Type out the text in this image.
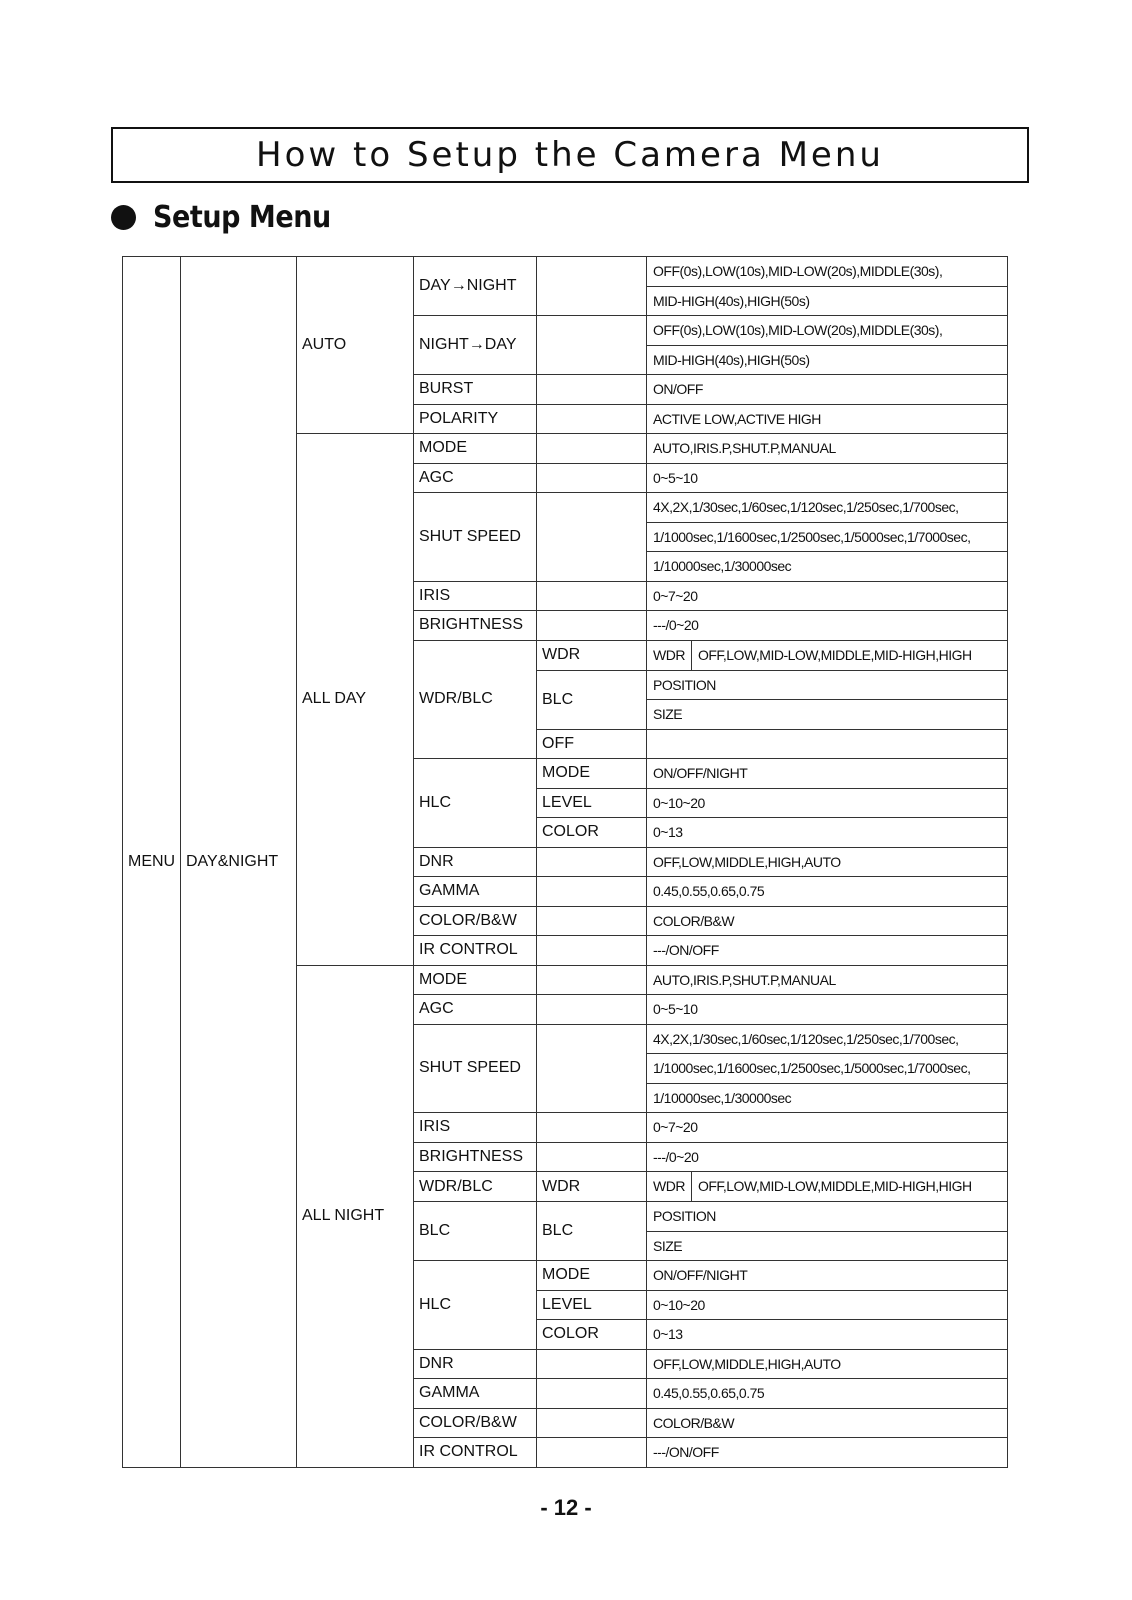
How to Setup the Camera Menu
Setup Menu
MENU	DAY&NIGHT	AUTO	DAY→NIGHT		OFF(0s),LOW(10s),MID-LOW(20s),MIDDLE(30s),
					MID-HIGH(40s),HIGH(50s)
			NIGHT→DAY		OFF(0s),LOW(10s),MID-LOW(20s),MIDDLE(30s),
					MID-HIGH(40s),HIGH(50s)
			BURST		ON/OFF
			POLARITY		ACTIVE LOW,ACTIVE HIGH
		ALL DAY	MODE		AUTO,IRIS.P,SHUT.P,MANUAL
			AGC		0~5~10
			SHUT SPEED		4X,2X,1/30sec,1/60sec,1/120sec,1/250sec,1/700sec,
					1/1000sec,1/1600sec,1/2500sec,1/5000sec,1/7000sec,
					1/10000sec,1/30000sec
			IRIS		0~7~20
			BRIGHTNESS		---/0~20
			WDR/BLC	WDR	WDR OFF,LOW,MID-LOW,MIDDLE,MID-HIGH,HIGH
				BLC	POSITION
					SIZE
				OFF	
			HLC	MODE	ON/OFF/NIGHT
				LEVEL	0~10~20
				COLOR	0~13
			DNR		OFF,LOW,MIDDLE,HIGH,AUTO
			GAMMA		0.45,0.55,0.65,0.75
			COLOR/B&W		COLOR/B&W
			IR CONTROL		---/ON/OFF
		ALL NIGHT	MODE		AUTO,IRIS.P,SHUT.P,MANUAL
			AGC		0~5~10
			SHUT SPEED		4X,2X,1/30sec,1/60sec,1/120sec,1/250sec,1/700sec,
					1/1000sec,1/1600sec,1/2500sec,1/5000sec,1/7000sec,
					1/10000sec,1/30000sec
			IRIS		0~7~20
			BRIGHTNESS		---/0~20
			WDR/BLC	WDR	WDR OFF,LOW,MID-LOW,MIDDLE,MID-HIGH,HIGH
			BLC	BLC	POSITION
					SIZE
			HLC	MODE	ON/OFF/NIGHT
				LEVEL	0~10~20
				COLOR	0~13
			DNR		OFF,LOW,MIDDLE,HIGH,AUTO
			GAMMA		0.45,0.55,0.65,0.75
			COLOR/B&W		COLOR/B&W
			IR CONTROL		---/ON/OFF
- 12 -
